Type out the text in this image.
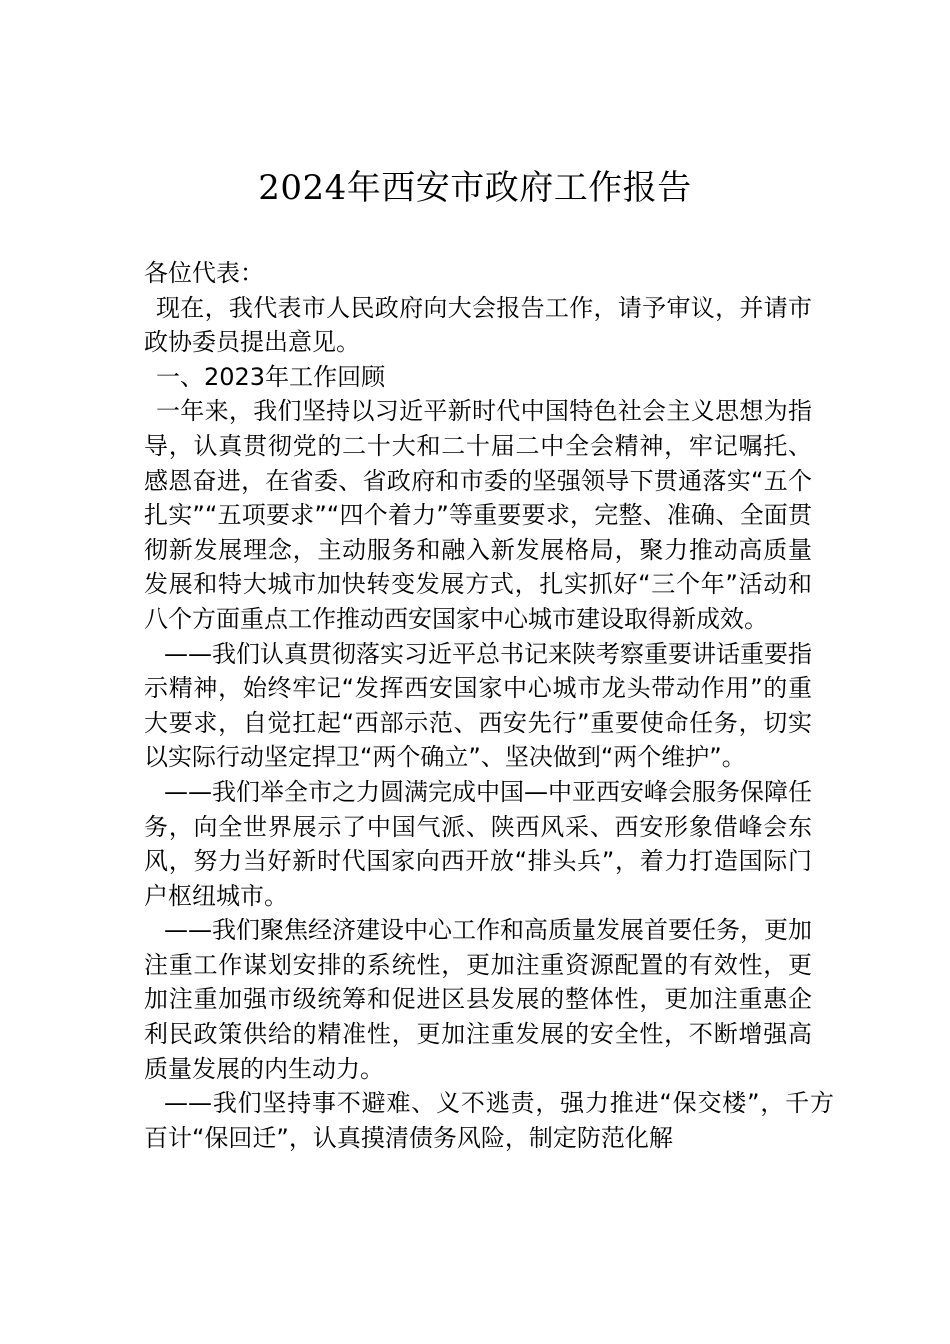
2024年西安市政府工作报告

各位代表：

现在，我代表市人民政府向大会报告工作，请予审议，并请市政协委员提出意见。

一、2023年工作回顾

一年来，我们坚持以习近平新时代中国特色社会主义思想为指导，认真贯彻党的二十大和二十届二中全会精神，牢记嘱托、感恩奋进，在省委、省政府和市委的坚强领导下贯通落实“五个扎实”“五项要求”“四个着力”等重要要求，完整、准确、全面贯彻新发展理念，主动服务和融入新发展格局，聚力推动高质量发展和特大城市加快转变发展方式，扎实抓好“三个年”活动和八个方面重点工作推动西安国家中心城市建设取得新成效。

——我们认真贯彻落实习近平总书记来陕考察重要讲话重要指示精神，始终牢记“发挥西安国家中心城市龙头带动作用”的重大要求，自觉扛起“西部示范、西安先行”重要使命任务，切实以实际行动坚定捍卫“两个确立”、坚决做到“两个维护”。

——我们举全市之力圆满完成中国—中亚西安峰会服务保障任务，向全世界展示了中国气派、陕西风采、西安形象借峰会东风，努力当好新时代国家向西开放“排头兵”，着力打造国际门户枢纽城市。

——我们聚焦经济建设中心工作和高质量发展首要任务，更加注重工作谋划安排的系统性，更加注重资源配置的有效性，更加注重加强市级统筹和促进区县发展的整体性，更加注重惠企利民政策供给的精准性，更加注重发展的安全性，不断增强高质量发展的内生动力。

——我们坚持事不避难、义不逃责，强力推进“保交楼”，千方百计“保回迁”，认真摸清债务风险，制定防范化解
